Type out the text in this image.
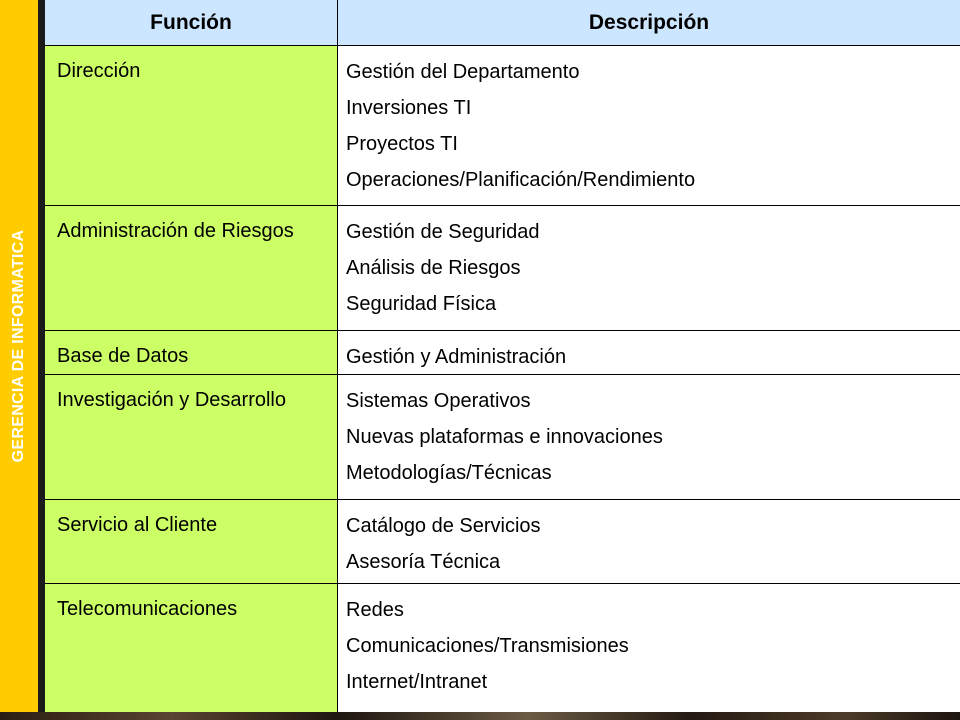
GERENCIA DE INFORMATICA
Función	Descripción
Dirección	Gestión del Departamento
Inversiones TI
Proyectos TI
Operaciones/Planificación/Rendimiento
Administración de Riesgos	Gestión de Seguridad
Análisis de Riesgos
Seguridad Física
Base de Datos	Gestión y Administración
Investigación y Desarrollo	Sistemas Operativos
Nuevas plataformas e innovaciones
Metodologías/Técnicas
Servicio al Cliente	Catálogo de Servicios
Asesoría Técnica
Telecomunicaciones	Redes
Comunicaciones/Transmisiones
Internet/Intranet
